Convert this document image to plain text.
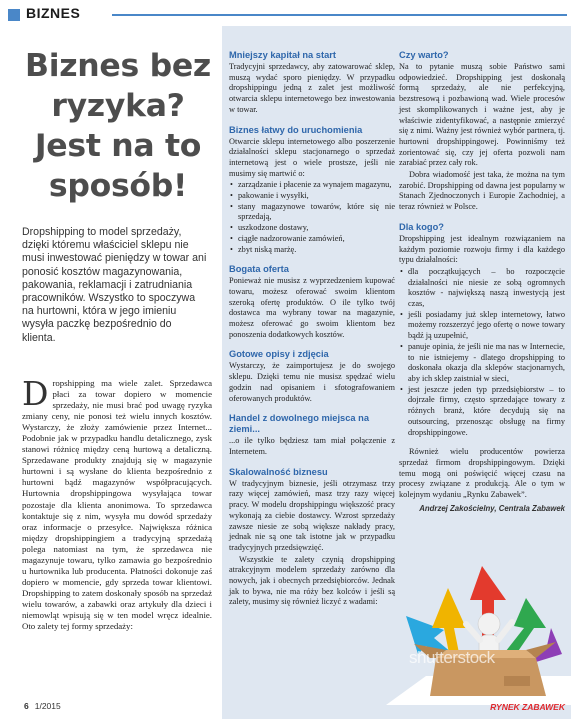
BIZNES
Biznes bez ryzyka? Jest na to sposób!

Dropshipping to model sprzedaży, dzięki któremu właściciel sklepu nie musi inwestować pieniędzy w towar ani ponosić kosztów magazynowania, pakowania, reklamacji i zatrudniania pracowników. Wszystko to spoczywa na hurtowni, która w jego imieniu wysyła paczkę bezpośrednio do klienta.

Dropshipping ma wiele zalet. Sprzedawca płaci za towar dopiero w momencie sprzedaży, nie musi brać pod uwagę ryzyka zmiany ceny, nie ponosi też wielu innych kosztów. Wystarczy, że złoży zamówienie przez Internet... Podobnie jak w przypadku handlu detalicznego, zysk stanowi różnicę między ceną hurtową a detaliczną. Sprzedawane produkty znajdują się w magazynie hurtowni i są wysłane do klienta bezpośrednio z hurtowni bądź magazynów współpracujących. Hurtownia dropshippingowa wysyłająca towar pozostaje dla klienta anonimowa. To sprzedawca kontaktuje się z nim, wysyła mu dowód sprzedaży oraz informacje o przesyłce. Największa różnica między dropshippingiem a tradycyjną sprzedażą polega natomiast na tym, że sprzedawca nie magazynuje towaru, tylko zamawia go bezpośrednio u hurtownika lub producenta. Płatności dokonuje zaś dopiero w momencie, gdy sprzeda towar klientowi. Dropshipping to zatem doskonały sposób na sprzedaż wielu towarów, a zabawki oraz artykuły dla dzieci i niemowląt wpisują się w ten model wręcz idealnie. Oto zalety tej formy sprzedaży:
Mniejszy kapitał na start

Tradycyjni sprzedawcy, aby zatowarować sklep, muszą wydać sporo pieniędzy. W przypadku dropshippingu jedną z zalet jest możliwość otwarcia sklepu internetowego bez inwestowania w towar.

Biznes łatwy do uruchomienia

Otwarcie sklepu internetowego albo poszerzenie działalności sklepu stacjonarnego o sprzedaż internetową jest o wiele prostsze, jeśli nie musimy się martwić o:

• zarządzanie i płacenie za wynajem magazynu,
• pakowanie i wysyłki,
• stany magazynowe towarów, które się nie sprzedają,
• uszkodzone dostawy,
• ciągłe nadzorowanie zamówień,
• zbyt niską marżę.
Bogata oferta

Ponieważ nie musisz z wyprzedzeniem kupować towaru, możesz oferować swoim klientom szeroką ofertę produktów. O ile tylko twój dostawca ma wybrany towar na magazynie, możesz oferować go swoim klientom bez ponoszenia dodatkowych kosztów.

Gotowe opisy i zdjęcia

Wystarczy, że zaimportujesz je do swojego sklepu. Dzięki temu nie musisz spędzać wielu godzin nad opisaniem i sfotografowaniem oferowanych produktów.

Handel z dowolnego miejsca na ziemi...

...o ile tylko będziesz tam miał połączenie z Internetem.

Skalowalność biznesu

W tradycyjnym biznesie, jeśli otrzymasz trzy razy więcej zamówień, masz trzy razy więcej pracy. W modelu dropshippingu większość pracy wykonają za ciebie dostawcy. Wzrost sprzedaży zawsze niesie ze sobą większe nakłady pracy, jednak nie są one tak istotne jak w przypadku tradycyjnych przedsięwzięć.

Wszystkie te zalety czynią dropshipping atrakcyjnym modelem sprzedaży zarówno dla nowych, jak i obecnych przedsiębiorców. Jednak jak to bywa, nie ma róży bez kolców i jeśli są zalety, musimy się również liczyć z wadami:

Czy warto?

Na to pytanie muszą sobie Państwo sami odpowiedzieć. Dropshipping jest doskonałą formą sprzedaży, ale nie perfekcyjną, bezstresową i pozbawioną wad. Wiele procesów jest skomplikowanych i ważne jest, aby je właściwie zidentyfikować, a następnie zmierzyć się z nimi. Ważny jest również wybór partnera, tj. hurtowni dropshippingowej. Powinniśmy też zorientować się, czy jej oferta pozwoli nam zarabiać przez cały rok.

Dobra wiadomość jest taka, że można na tym zarobić. Dropshipping od dawna jest popularny w Stanach Zjednoczonych i Europie Zachodniej, a teraz również w Polsce.

Dla kogo?

Dropshipping jest idealnym rozwiązaniem na każdym poziomie rozwoju firmy i dla każdego typu działalności:

• dla początkujących – bo rozpoczęcie działalności nie niesie ze sobą ogromnych kosztów - największą naszą inwestycją jest czas,
• jeśli posiadamy już sklep internetowy, łatwo możemy rozszerzyć jego ofertę o nowe towary bądź ją uzupełnić,
• panuje opinia, że jeśli nie ma nas w Internecie, to nie istniejemy - dlatego dropshipping to doskonała okazja dla sklepów stacjonarnych, aby ich sklep zaistniał w sieci,
• jest jeszcze jeden typ przedsiębiorstw – to dojrzałe firmy, często sprzedające towary z różnych branż, które decydują się na outsourcing, przenosząc obsługę na firmy dropshippingowe.

Również wielu producentów powierza sprzedaż firmom dropshippingowym. Dzięki temu mogą oni poświęcić więcej czasu na procesy związane z produkcją. Ale o tym w kolejnym wydaniu „Rynku Zabawek”.

Andrzej Zakościelny, Centrala Zabawek

shutterstock
6 1/2015	RYNEK ZABAWEK
